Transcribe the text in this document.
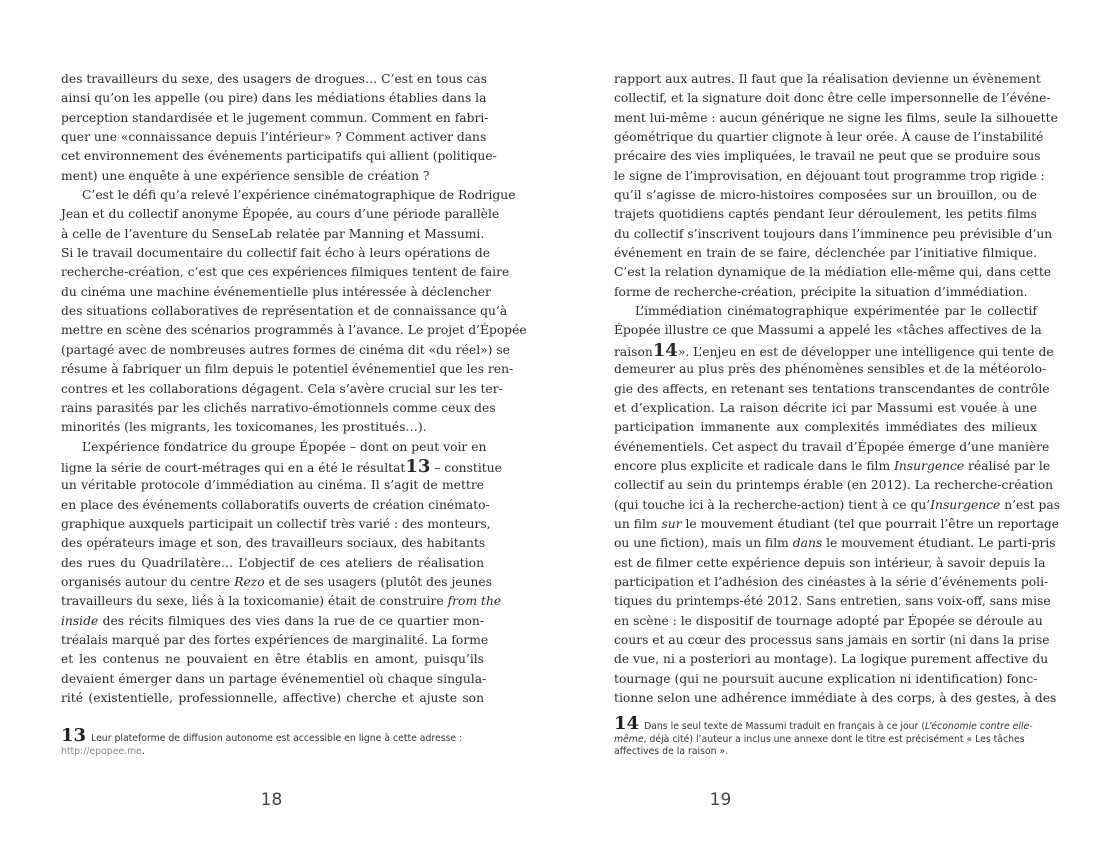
des travailleurs du sexe, des usagers de drogues… C’est en tous cas
ainsi qu’on les appelle (ou pire) dans les médiations établies dans la
perception standardisée et le jugement commun. Comment en fabri-
quer une «connaissance depuis l’intérieur» ? Comment activer dans
cet environnement des événements participatifs qui allient (politique-
ment) une enquête à une expérience sensible de création ?
C’est le défi qu’a relevé l’expérience cinématographique de Rodrigue
Jean et du collectif anonyme Épopée, au cours d’une période parallèle
à celle de l’aventure du SenseLab relatée par Manning et Massumi.
Si le travail documentaire du collectif fait écho à leurs opérations de
recherche-création, c’est que ces expériences filmiques tentent de faire
du cinéma une machine événementielle plus intéressée à déclencher
des situations collaboratives de représentation et de connaissance qu’à
mettre en scène des scénarios programmés à l’avance. Le projet d’Épopée
(partagé avec de nombreuses autres formes de cinéma dit «du réel») se
résume à fabriquer un film depuis le potentiel événementiel que les ren-
contres et les collaborations dégagent. Cela s’avère crucial sur les ter-
rains parasités par les clichés narrativo-émotionnels comme ceux des
minorités (les migrants, les toxicomanes, les prostitués…).
L’expérience fondatrice du groupe Épopée – dont on peut voir en
ligne la série de court-métrages qui en a été le résultat13 – constitue
un véritable protocole d’immédiation au cinéma. Il s’agit de mettre
en place des événements collaboratifs ouverts de création cinémato-
graphique auxquels participait un collectif très varié : des monteurs,
des opérateurs image et son, des travailleurs sociaux, des habitants
des rues du Quadrilatère… L’objectif de ces ateliers de réalisation
organisés autour du centre Rezo et de ses usagers (plutôt des jeunes
travailleurs du sexe, liés à la toxicomanie) était de construire from the
inside des récits filmiques des vies dans la rue de ce quartier mon-
tréalais marqué par des fortes expériences de marginalité. La forme
et les contenus ne pouvaient en être établis en amont, puisqu’ils
devaient émerger dans un partage événementiel où chaque singula-
rité (existentielle, professionnelle, affective) cherche et ajuste son
13 Leur plateforme de diffusion autonome est accessible en ligne à cette adresse :
http://epopee.me.
18
rapport aux autres. Il faut que la réalisation devienne un évènement
collectif, et la signature doit donc être celle impersonnelle de l’événe-
ment lui-même : aucun générique ne signe les films, seule la silhouette
géométrique du quartier clignote à leur orée. À cause de l’instabilité
précaire des vies impliquées, le travail ne peut que se produire sous
le signe de l’improvisation, en déjouant tout programme trop rigide :
qu’il s’agisse de micro-histoires composées sur un brouillon, ou de
trajets quotidiens captés pendant leur déroulement, les petits films
du collectif s’inscrivent toujours dans l’imminence peu prévisible d’un
événement en train de se faire, déclenchée par l’initiative filmique.
C’est la relation dynamique de la médiation elle-même qui, dans cette
forme de recherche-création, précipite la situation d’immédiation.
L’immédiation cinématographique expérimentée par le collectif
Épopée illustre ce que Massumi a appelé les «tâches affectives de la
raison14». L’enjeu en est de développer une intelligence qui tente de
demeurer au plus près des phénomènes sensibles et de la météorolo-
gie des affects, en retenant ses tentations transcendantes de contrôle
et d’explication. La raison décrite ici par Massumi est vouée à une
participation immanente aux complexités immédiates des milieux
événementiels. Cet aspect du travail d’Épopée émerge d’une manière
encore plus explicite et radicale dans le film Insurgence réalisé par le
collectif au sein du printemps érable (en 2012). La recherche-création
(qui touche ici à la recherche-action) tient à ce qu’Insurgence n’est pas
un film sur le mouvement étudiant (tel que pourrait l’être un reportage
ou une fiction), mais un film dans le mouvement étudiant. Le parti-pris
est de filmer cette expérience depuis son intérieur, à savoir depuis la
participation et l’adhésion des cinéastes à la série d’événements poli-
tiques du printemps-été 2012. Sans entretien, sans voix-off, sans mise
en scène : le dispositif de tournage adopté par Épopée se déroule au
cours et au cœur des processus sans jamais en sortir (ni dans la prise
de vue, ni a posteriori au montage). La logique purement affective du
tournage (qui ne poursuit aucune explication ni identification) fonc-
tionne selon une adhérence immédiate à des corps, à des gestes, à des
14 Dans le seul texte de Massumi traduit en français à ce jour (L’économie contre elle-même, déjà cité) l’auteur a inclus une annexe dont le titre est précisément « Les tâches affectives de la raison ».
19
